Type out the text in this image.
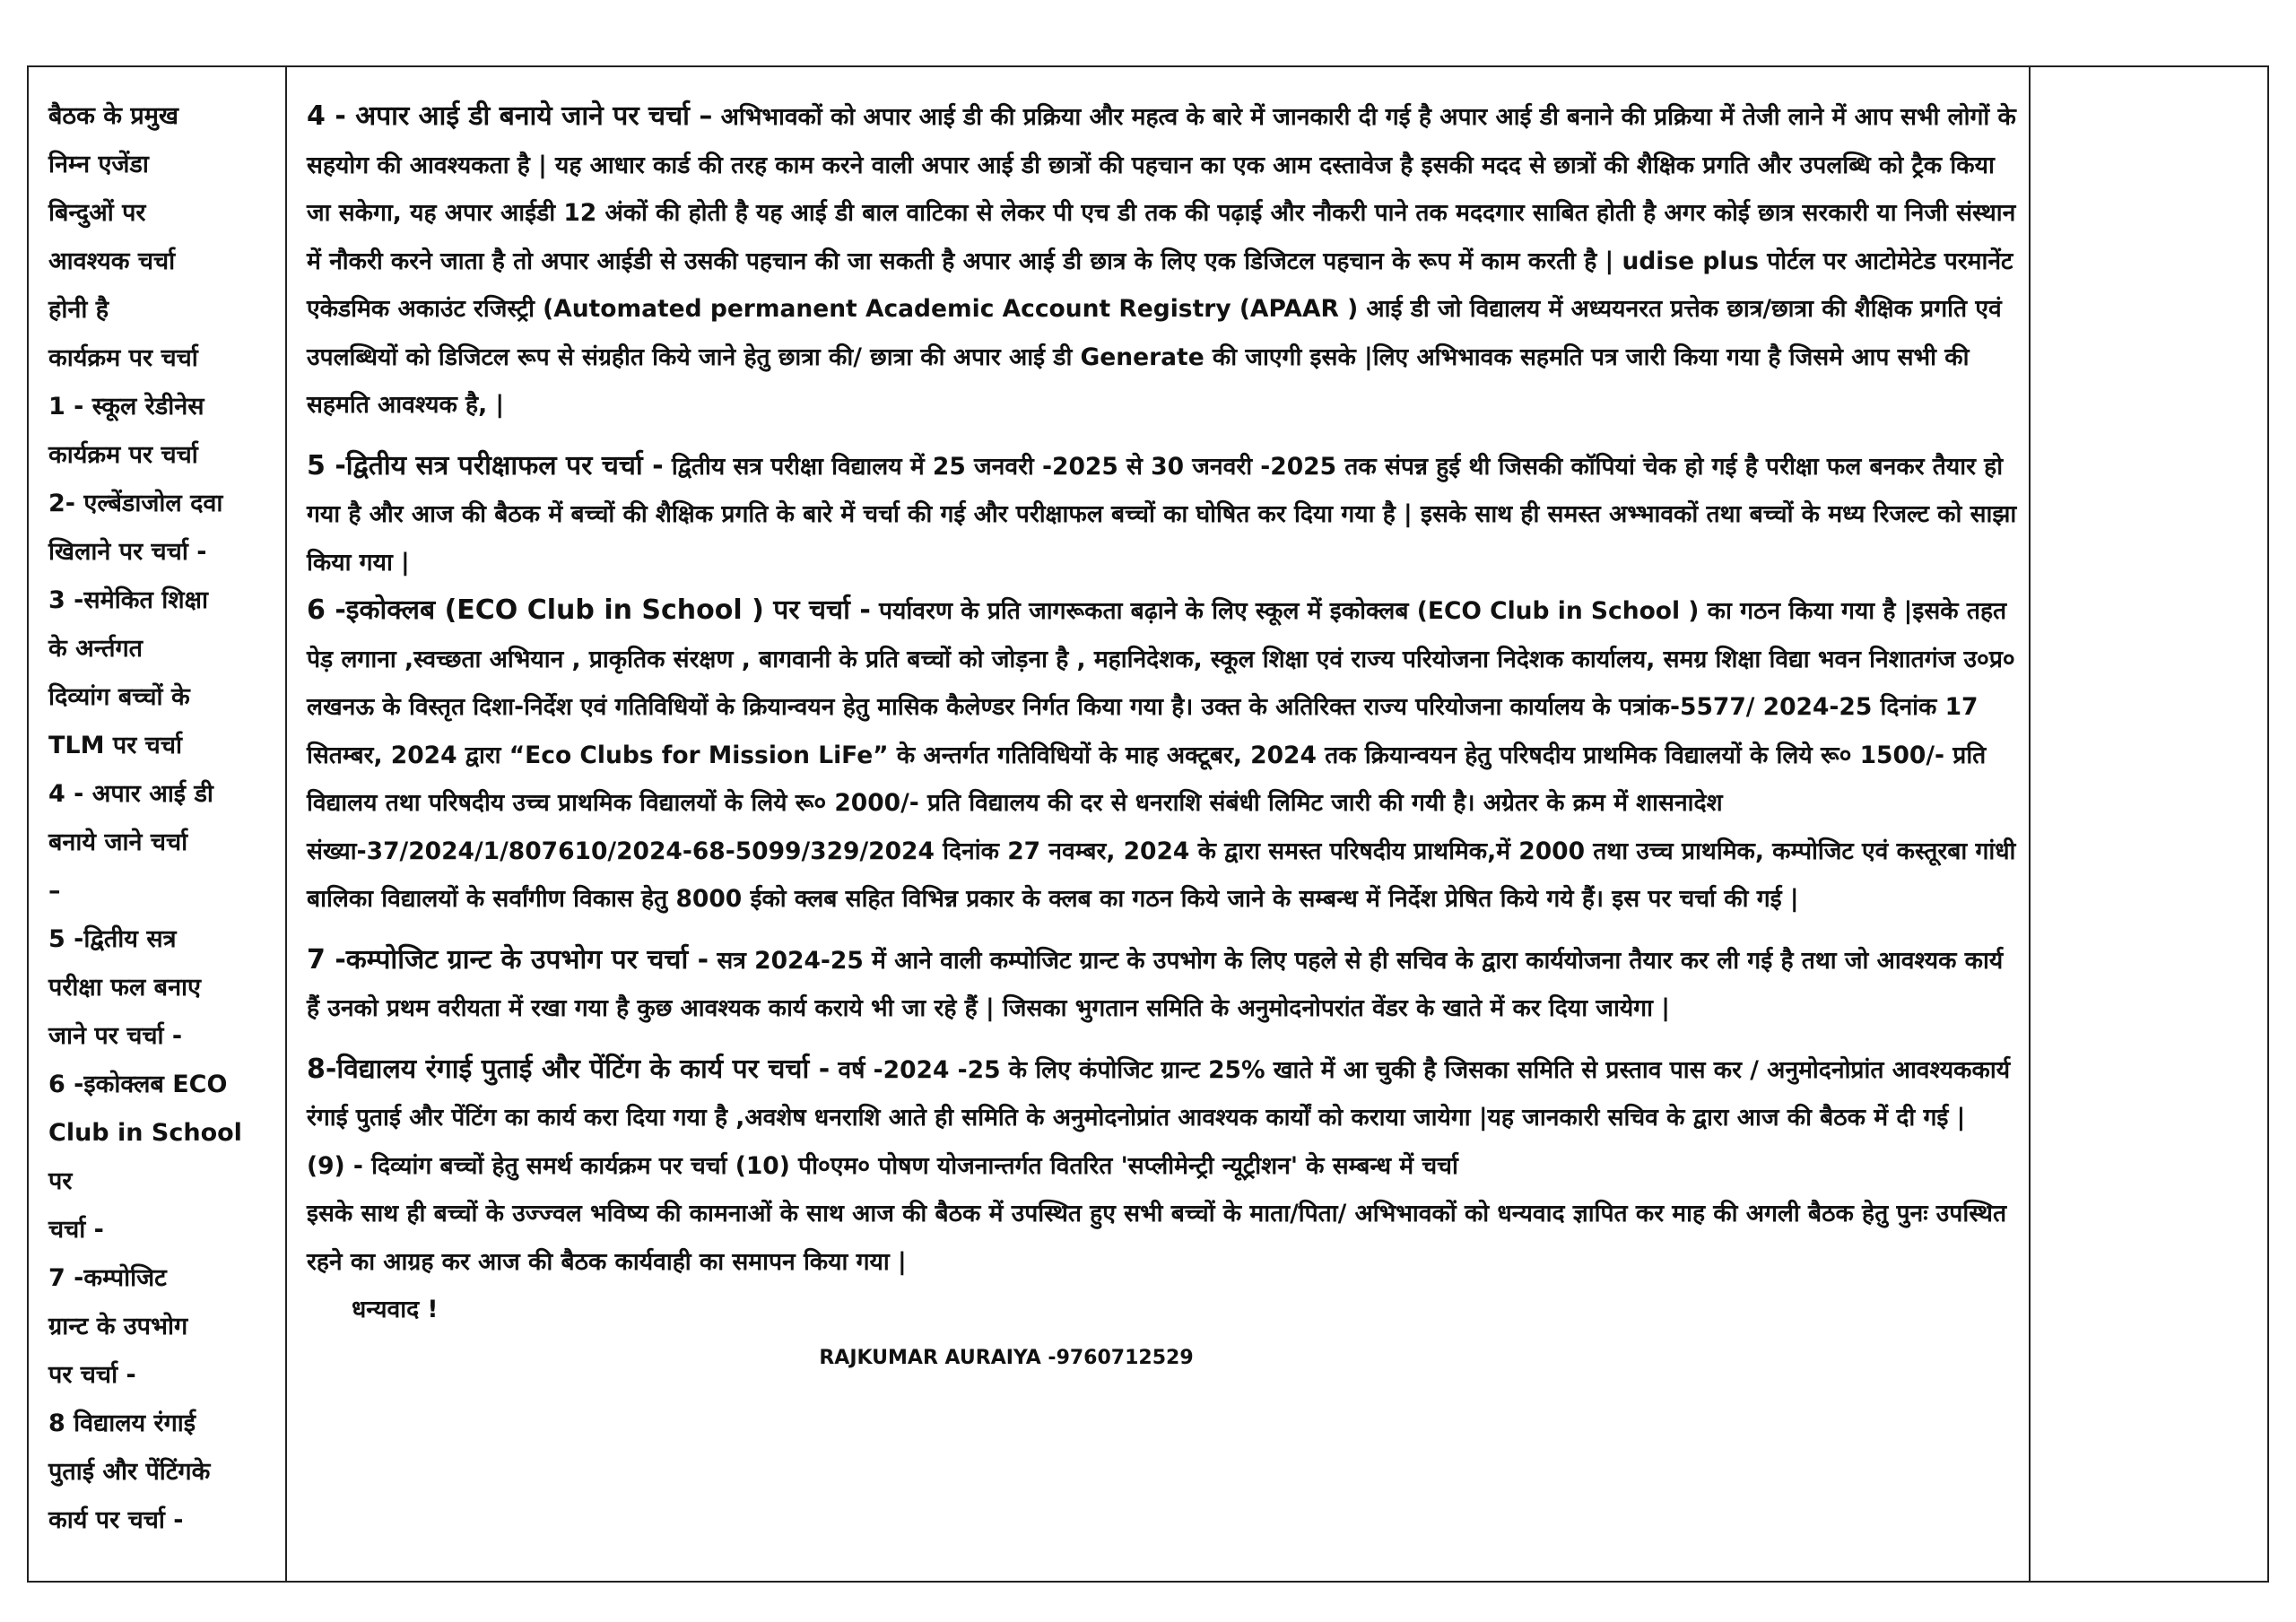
बैठक के प्रमुख
निम्न एजेंडा
बिन्दुओं पर
आवश्यक चर्चा
होनी है
कार्यक्रम पर चर्चा
1 - स्कूल रेडीनेस
कार्यक्रम पर चर्चा
2- एल्बेंडाजोल दवा
खिलाने पर चर्चा -
3 -समेकित शिक्षा
के अर्न्तगत
दिव्यांग बच्चों के
TLM पर चर्चा
4 - अपार आई डी
बनाये जाने चर्चा
–
5 -द्वितीय सत्र
परीक्षा फल बनाए
जाने पर चर्चा -
6 -इकोक्लब ECO
Club in School पर
चर्चा -
7 -कम्पोजिट
ग्रान्ट के उपभोग
पर चर्चा -
8 विद्यालय रंगाई
पुताई और पेंटिंगके
कार्य पर चर्चा -

4 - अपार आई डी बनाये जाने पर चर्चा – अभिभावकों को अपार आई डी की प्रक्रिया और महत्व के बारे में जानकारी दी गई है अपार आई डी बनाने की प्रक्रिया में तेजी लाने में आप सभी लोगों के सहयोग की आवश्यकता है | यह आधार कार्ड की तरह काम करने वाली अपार आई डी छात्रों की पहचान का एक आम दस्तावेज है इसकी मदद से छात्रों की शैक्षिक प्रगति और उपलब्धि को ट्रैक किया जा सकेगा, यह अपार आईडी 12 अंकों की होती है यह आई डी बाल वाटिका से लेकर पी एच डी तक की पढ़ाई और नौकरी पाने तक मददगार साबित होती है अगर कोई छात्र सरकारी या निजी संस्थान में नौकरी करने जाता है तो अपार आईडी से उसकी पहचान की जा सकती है अपार आई डी छात्र के लिए एक डिजिटल पहचान के रूप में काम करती है | udise plus पोर्टल पर आटोमेटेड परमानेंट एकेडमिक अकाउंट रजिस्ट्री (Automated permanent Academic Account Registry (APAAR ) आई डी जो विद्यालय में अध्ययनरत प्रत्तेक छात्र/छात्रा की शैक्षिक प्रगति एवं उपलब्धियों को डिजिटल रूप से संग्रहीत किये जाने हेतु छात्रा की/ छात्रा की अपार आई डी Generate की जाएगी इसके |लिए अभिभावक सहमति पत्र जारी किया गया है जिसमे आप सभी की सहमति आवश्यक है, |

5 -द्वितीय सत्र परीक्षाफल पर चर्चा - द्वितीय सत्र परीक्षा विद्यालय में 25 जनवरी -2025 से 30 जनवरी -2025 तक संपन्न हुई थी जिसकी कॉपियां चेक हो गई है परीक्षा फल बनकर तैयार हो गया है और आज की बैठक में बच्चों की शैक्षिक प्रगति के बारे में चर्चा की गई और परीक्षाफल बच्चों का घोषित कर दिया गया है | इसके साथ ही समस्त अभ्भावकों तथा बच्चों के मध्य रिजल्ट को साझा किया गया |

6 -इकोक्लब (ECO Club in School ) पर चर्चा - पर्यावरण के प्रति जागरूकता बढ़ाने के लिए स्कूल में इकोक्लब (ECO Club in School ) का गठन किया गया है |इसके तहत पेड़ लगाना ,स्वच्छता अभियान , प्राकृतिक संरक्षण , बागवानी के प्रति बच्चों को जोड़ना है , महानिदेशक, स्कूल शिक्षा एवं राज्य परियोजना निदेशक कार्यालय, समग्र शिक्षा विद्या भवन निशातगंज उ०प्र० लखनऊ के विस्तृत दिशा-निर्देश एवं गतिविधियों के क्रियान्वयन हेतु मासिक कैलेण्डर निर्गत किया गया है। उक्त के अतिरिक्त राज्य परियोजना कार्यालय के पत्रांक-5577/ 2024-25 दिनांक 17 सितम्बर, 2024 द्वारा “Eco Clubs for Mission LiFe” के अन्तर्गत गतिविधियों के माह अक्टूबर, 2024 तक क्रियान्वयन हेतु परिषदीय प्राथमिक विद्यालयों के लिये रू० 1500/- प्रति विद्यालय तथा परिषदीय उच्च प्राथमिक विद्यालयों के लिये रू० 2000/- प्रति विद्यालय की दर से धनराशि संबंधी लिमिट जारी की गयी है। अग्रेतर के क्रम में शासनादेश संख्या-37/2024/1/807610/2024-68-5099/329/2024 दिनांक 27 नवम्बर, 2024 के द्वारा समस्त परिषदीय प्राथमिक,में 2000 तथा उच्च प्राथमिक, कम्पोजिट एवं कस्तूरबा गांधी बालिका विद्यालयों के सर्वांगीण विकास हेतु 8000 ईको क्लब सहित विभिन्न प्रकार के क्लब का गठन किये जाने के सम्बन्ध में निर्देश प्रेषित किये गये हैं। इस पर चर्चा की गई |

7 -कम्पोजिट ग्रान्ट के उपभोग पर चर्चा - सत्र 2024-25 में आने वाली कम्पोजिट ग्रान्ट के उपभोग के लिए पहले से ही सचिव के द्वारा कार्ययोजना तैयार कर ली गई है तथा जो आवश्यक कार्य हैं उनको प्रथम वरीयता में रखा गया है कुछ आवश्यक कार्य कराये भी जा रहे हैं | जिसका भुगतान समिति के अनुमोदनोपरांत वेंडर के खाते में कर दिया जायेगा |

8-विद्यालय रंगाई पुताई और पेंटिंग के कार्य पर चर्चा - वर्ष -2024 -25 के लिए कंपोजिट ग्रान्ट 25% खाते में आ चुकी है जिसका समिति से प्रस्ताव पास कर / अनुमोदनोप्रांत आवश्यककार्य रंगाई पुताई और पेंटिंग का कार्य करा दिया गया है ,अवशेष धनराशि आते ही समिति के अनुमोदनोप्रांत आवश्यक कार्यों को कराया जायेगा |यह जानकारी सचिव के द्वारा आज की बैठक में दी गई |

(9) - दिव्यांग बच्चों हेतु समर्थ कार्यक्रम पर चर्चा (10) पी०एम० पोषण योजनान्तर्गत वितरित 'सप्लीमेन्ट्री न्यूट्रीशन' के सम्बन्ध में चर्चा

इसके साथ ही बच्चों के उज्ज्वल भविष्य की कामनाओं के साथ आज की बैठक में उपस्थित हुए सभी बच्चों के माता/पिता/ अभिभावकों को धन्यवाद ज्ञापित कर माह की अगली बैठक हेतु पुनः उपस्थित रहने का आग्रह कर आज की बैठक कार्यवाही का समापन किया गया |

धन्यवाद !

RAJKUMAR AURAIYA -9760712529
